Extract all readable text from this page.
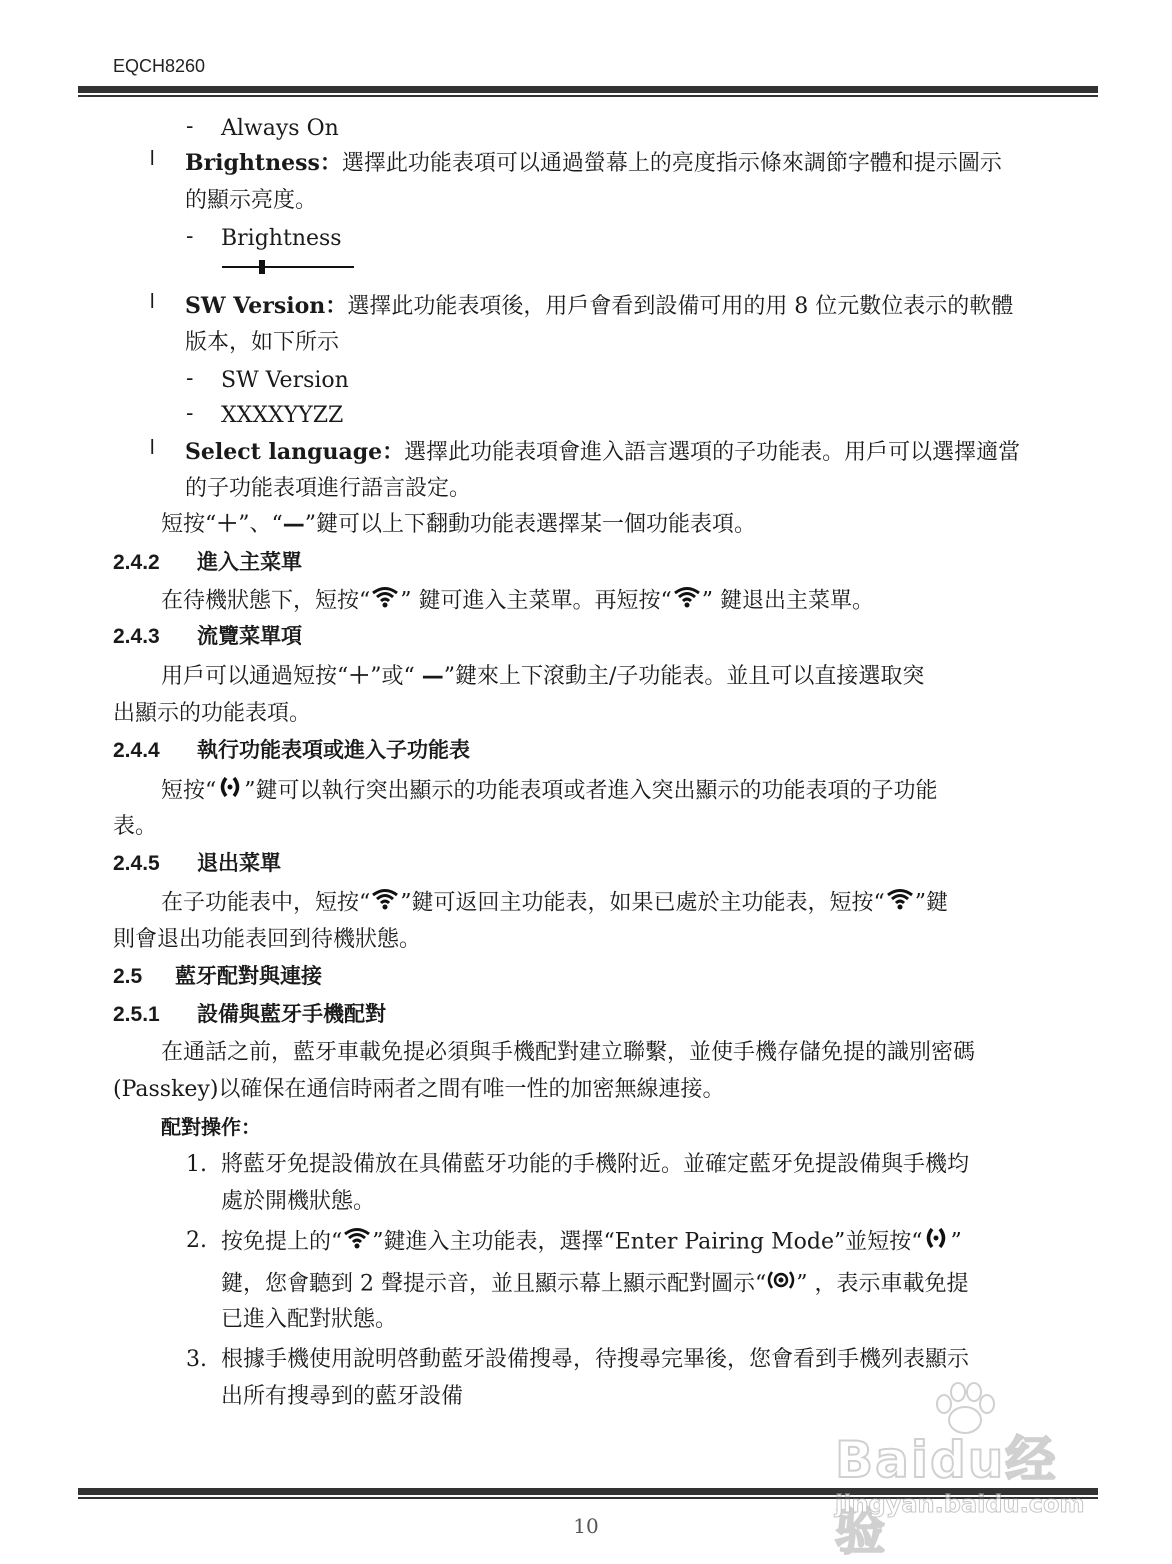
EQCH8260
- Always On
l Brightness：選擇此功能表項可以通過螢幕上的亮度指示條來調節字體和提示圖示
的顯示亮度。
- Brightness
l SW Version：選擇此功能表項後，用戶會看到設備可用的用 8 位元數位表示的軟體
版本，如下所示
- SW Version
- XXXXYYZZ
l Select language：選擇此功能表項會進入語言選項的子功能表。用戶可以選擇適當
的子功能表項進行語言設定。
短按“＋”、“—”鍵可以上下翻動功能表選擇某一個功能表項。
2.4.2 進入主菜單
在待機狀態下，短按“ ” 鍵可進入主菜單。再短按“ ” 鍵退出主菜單。
2.4.3 流覽菜單項
用戶可以通過短按“＋”或“ —”鍵來上下滾動主/子功能表。並且可以直接選取突
出顯示的功能表項。
2.4.4 執行功能表項或進入子功能表
短按“ ”鍵可以執行突出顯示的功能表項或者進入突出顯示的功能表項的子功能
表。
2.4.5 退出菜單
在子功能表中，短按“ ”鍵可返回主功能表，如果已處於主功能表，短按“ ”鍵
則會退出功能表回到待機狀態。
2.5 藍牙配對與連接
2.5.1 設備與藍牙手機配對
在通話之前，藍牙車載免提必須與手機配對建立聯繫，並使手機存儲免提的識別密碼
(Passkey)以確保在通信時兩者之間有唯一性的加密無線連接。
配對操作：
1. 將藍牙免提設備放在具備藍牙功能的手機附近。並確定藍牙免提設備與手機均
處於開機狀態。
2. 按免提上的“ ”鍵進入主功能表，選擇“Enter Pairing Mode”並短按“ ”
鍵，您會聽到 2 聲提示音，並且顯示幕上顯示配對圖示“ ” ，表示車載免提
已進入配對狀態。
3. 根據手機使用說明啓動藍牙設備搜尋，待搜尋完畢後，您會看到手機列表顯示
出所有搜尋到的藍牙設備
10
Baidu经验
jingyan.baidu.com
